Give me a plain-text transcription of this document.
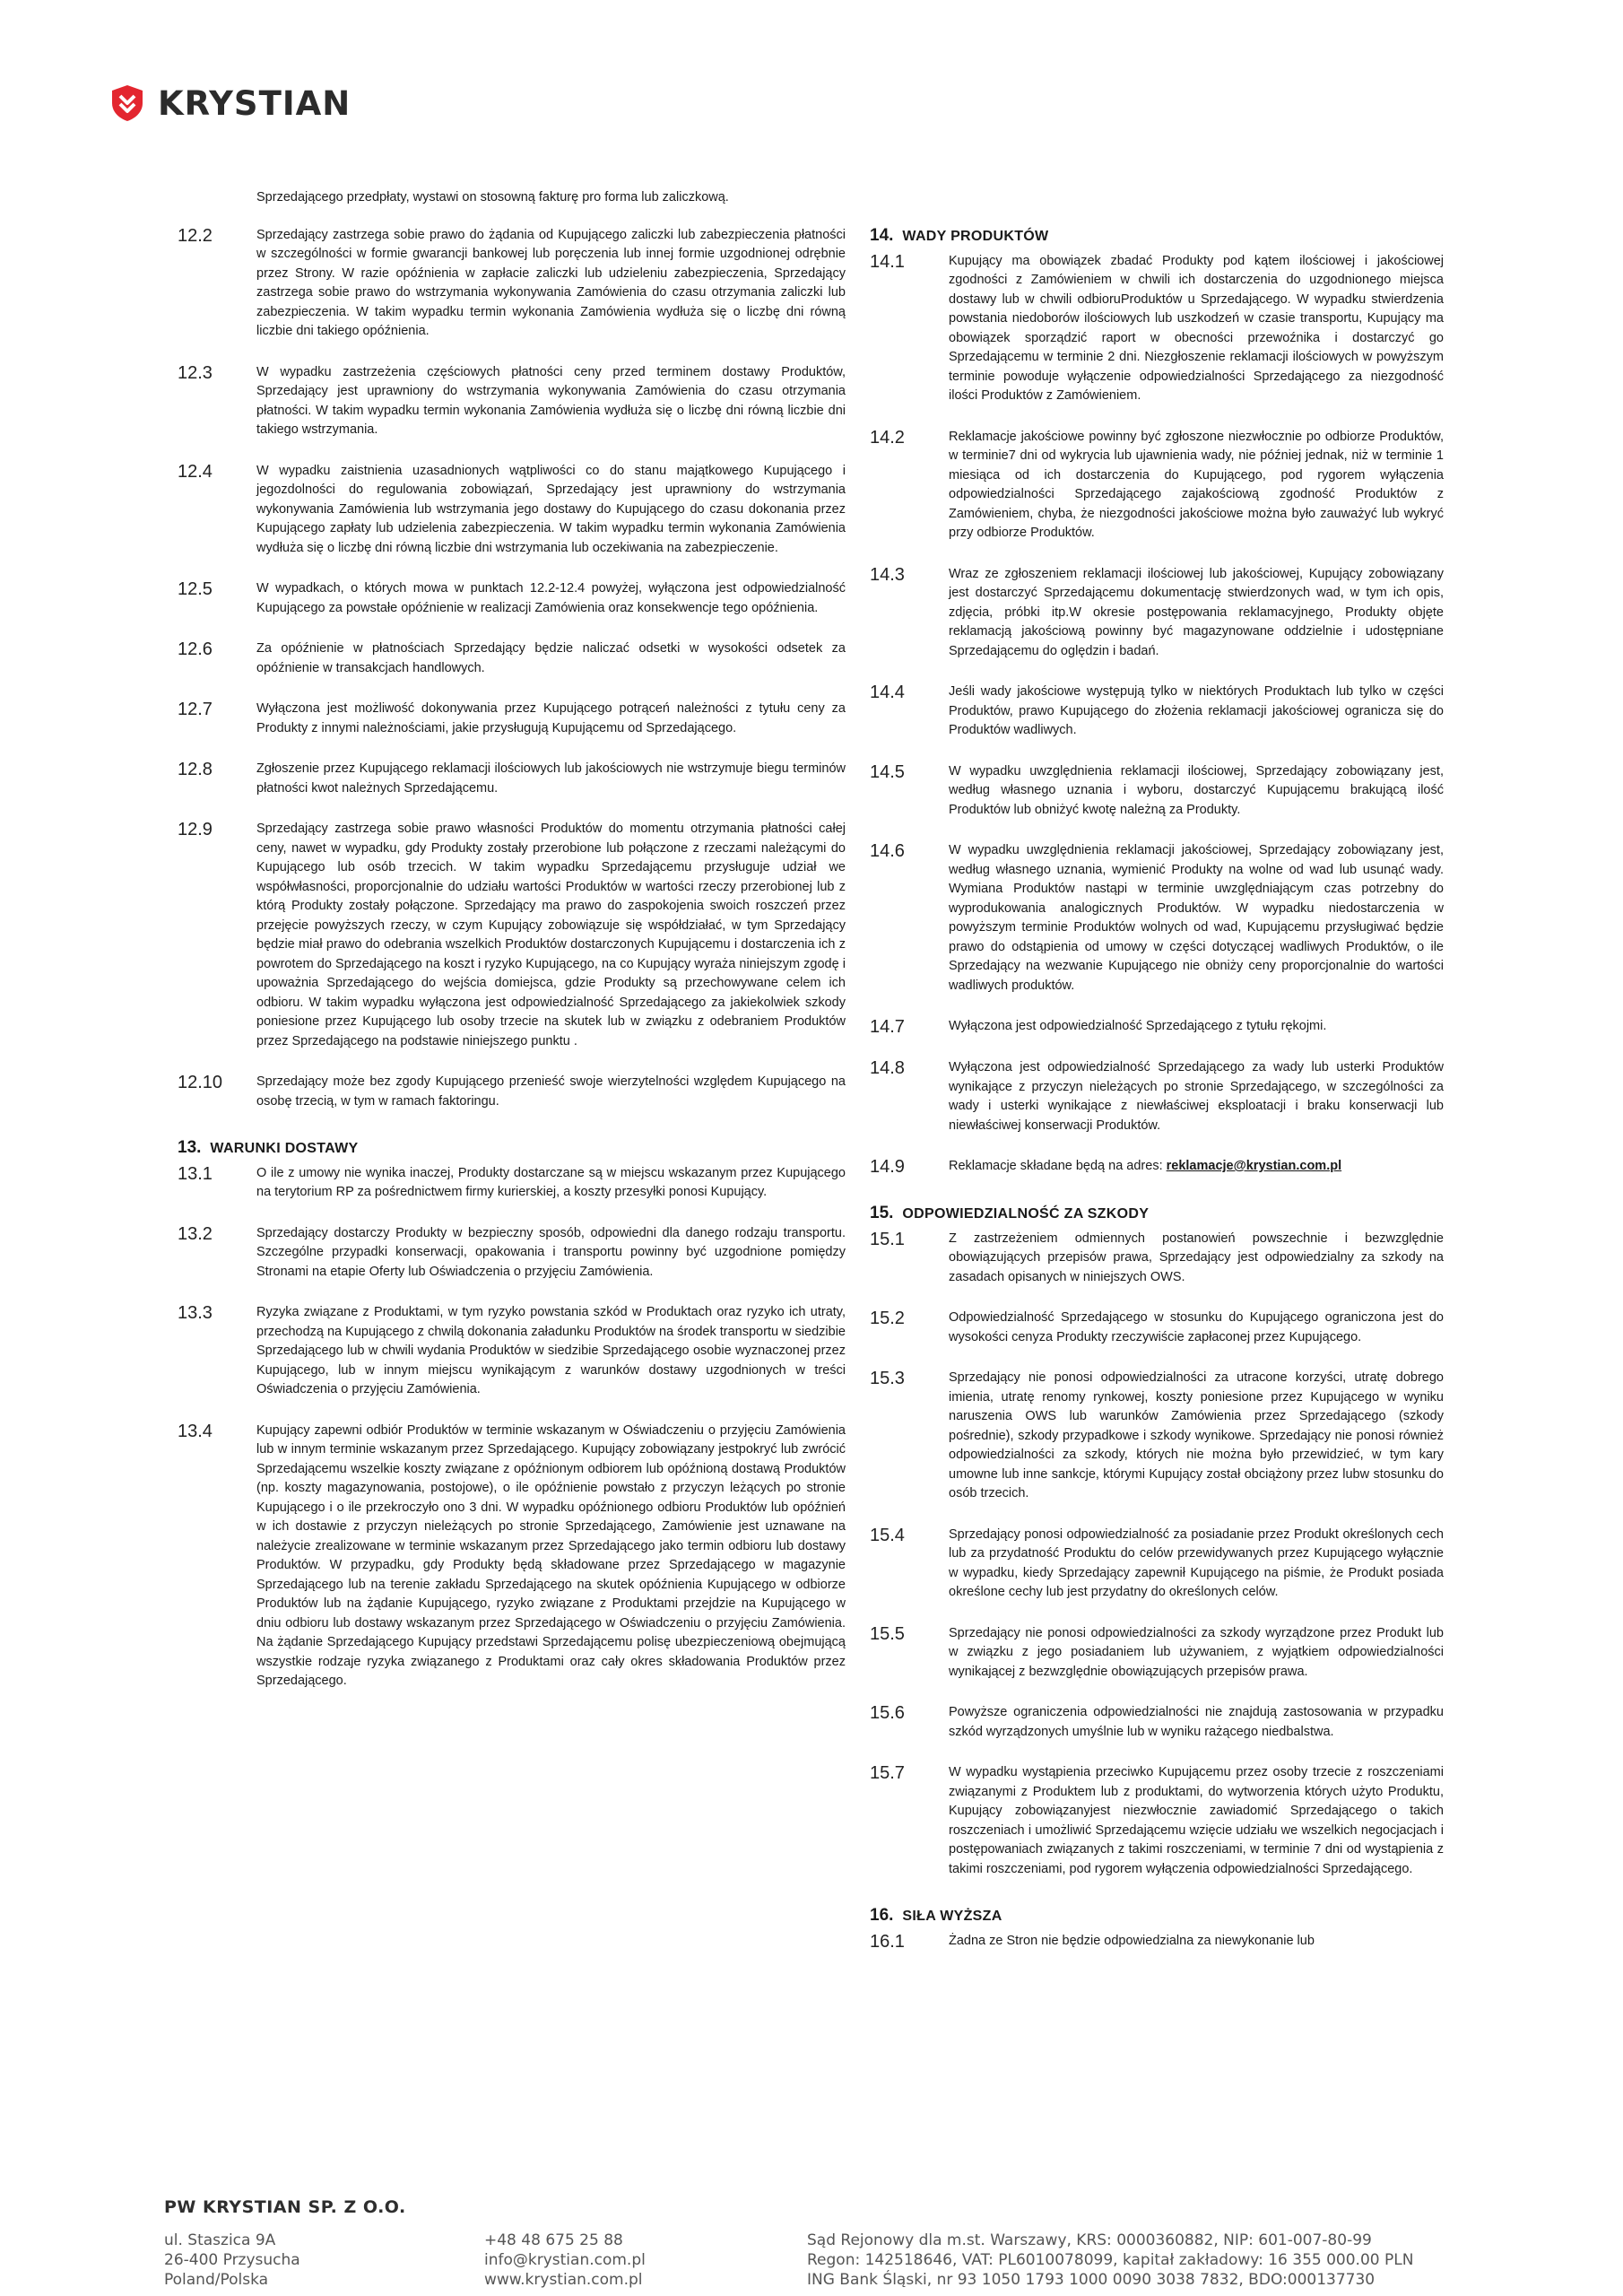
KRYSTIAN
Sprzedającego przedpłaty, wystawi on stosowną fakturę pro forma lub zaliczkową.
12.2	Sprzedający zastrzega sobie prawo do żądania od Kupującego zaliczki lub zabezpieczenia płatności w szczególności w formie gwarancji bankowej lub poręczenia lub innej formie uzgodnionej odrębnie przez Strony. W razie opóźnienia w zapłacie zaliczki lub udzieleniu zabezpieczenia, Sprzedający zastrzega sobie prawo do wstrzymania wykonywania Zamówienia do czasu otrzymania zaliczki lub zabezpieczenia. W takim wypadku termin wykonania Zamówienia wydłuża się o liczbę dni równą liczbie dni takiego opóźnienia.
12.3	W wypadku zastrzeżenia częściowych płatności ceny przed terminem dostawy Produktów, Sprzedający jest uprawniony do wstrzymania wykonywania Zamówienia do czasu otrzymania płatności. W takim wypadku termin wykonania Zamówienia wydłuża się o liczbę dni równą liczbie dni takiego wstrzymania.
12.4	W wypadku zaistnienia uzasadnionych wątpliwości co do stanu majątkowego Kupującego i jegozdolności do regulowania zobowiązań, Sprzedający jest uprawniony do wstrzymania wykonywania Zamówienia lub wstrzymania jego dostawy do Kupującego do czasu dokonania przez Kupującego zapłaty lub udzielenia zabezpieczenia. W takim wypadku termin wykonania Zamówienia wydłuża się o liczbę dni równą liczbie dni wstrzymania lub oczekiwania na zabezpieczenie.
12.5	W wypadkach, o których mowa w punktach 12.2-12.4 powyżej, wyłączona jest odpowiedzialność Kupującego za powstałe opóźnienie w realizacji Zamówienia oraz konsekwencje tego opóźnienia.
12.6	Za opóźnienie w płatnościach Sprzedający będzie naliczać odsetki w wysokości odsetek za opóźnienie w transakcjach handlowych.
12.7	Wyłączona jest możliwość dokonywania przez Kupującego potrąceń należności z tytułu ceny za Produkty z innymi należnościami, jakie przysługują Kupującemu od Sprzedającego.
12.8	Zgłoszenie przez Kupującego reklamacji ilościowych lub jakościowych nie wstrzymuje biegu terminów płatności kwot należnych Sprzedającemu.
12.9	Sprzedający zastrzega sobie prawo własności Produktów do momentu otrzymania płatności całej ceny, nawet w wypadku, gdy Produkty zostały przerobione lub połączone z rzeczami należącymi do Kupującego lub osób trzecich. W takim wypadku Sprzedającemu przysługuje udział we współwłasności, proporcjonalnie do udziału wartości Produktów w wartości rzeczy przerobionej lub z którą Produkty zostały połączone. Sprzedający ma prawo do zaspokojenia swoich roszczeń przez przejęcie powyższych rzeczy, w czym Kupujący zobowiązuje się współdziałać, w tym Sprzedający będzie miał prawo do odebrania wszelkich Produktów dostarczonych Kupującemu i dostarczenia ich z powrotem do Sprzedającego na koszt i ryzyko Kupującego, na co Kupujący wyraża niniejszym zgodę i upoważnia Sprzedającego do wejścia domiejsca, gdzie Produkty są przechowywane celem ich odbioru. W takim wypadku wyłączona jest odpowiedzialność Sprzedającego za jakiekolwiek szkody poniesione przez Kupującego lub osoby trzecie na skutek lub w związku z odebraniem Produktów przez Sprzedającego na podstawie niniejszego punktu .
12.10	Sprzedający może bez zgody Kupującego przenieść swoje wierzytelności względem Kupującego na osobę trzecią, w tym w ramach faktoringu.
13. WARUNKI DOSTAWY
13.1	O ile z umowy nie wynika inaczej, Produkty dostarczane są w miejscu wskazanym przez Kupującego na terytorium RP za pośrednictwem firmy kurierskiej, a koszty przesyłki ponosi Kupujący.
13.2	Sprzedający dostarczy Produkty w bezpieczny sposób, odpowiedni dla danego rodzaju transportu. Szczególne przypadki konserwacji, opakowania i transportu powinny być uzgodnione pomiędzy Stronami na etapie Oferty lub Oświadczenia o przyjęciu Zamówienia.
13.3	Ryzyka związane z Produktami, w tym ryzyko powstania szkód w Produktach oraz ryzyko ich utraty, przechodzą na Kupującego z chwilą dokonania załadunku Produktów na środek transportu w siedzibie Sprzedającego lub w chwili wydania Produktów w siedzibie Sprzedającego osobie wyznaczonej przez Kupującego, lub w innym miejscu wynikającym z warunków dostawy uzgodnionych w treści Oświadczenia o przyjęciu Zamówienia.
13.4	Kupujący zapewni odbiór Produktów w terminie wskazanym w Oświadczeniu o przyjęciu Zamówienia lub w innym terminie wskazanym przez Sprzedającego. Kupujący zobowiązany jestpokryć lub zwrócić Sprzedającemu wszelkie koszty związane z opóźnionym odbiorem lub opóźnioną dostawą Produktów (np. koszty magazynowania, postojowe), o ile opóźnienie powstało z przyczyn leżących po stronie Kupującego i o ile przekroczyło ono 3 dni. W wypadku opóźnionego odbioru Produktów lub opóźnień w ich dostawie z przyczyn nieleżących po stronie Sprzedającego, Zamówienie jest uznawane na należycie zrealizowane w terminie wskazanym przez Sprzedającego jako termin odbioru lub dostawy Produktów. W przypadku, gdy Produkty będą składowane przez Sprzedającego w magazynie Sprzedającego lub na terenie zakładu Sprzedającego na skutek opóźnienia Kupującego w odbiorze Produktów lub na żądanie Kupującego, ryzyko związane z Produktami przejdzie na Kupującego w dniu odbioru lub dostawy wskazanym przez Sprzedającego w Oświadczeniu o przyjęciu Zamówienia. Na żądanie Sprzedającego Kupujący przedstawi Sprzedającemu polisę ubezpieczeniową obejmującą wszystkie rodzaje ryzyka związanego z Produktami oraz cały okres składowania Produktów przez Sprzedającego.
14. WADY PRODUKTÓW
14.1	Kupujący ma obowiązek zbadać Produkty pod kątem ilościowej i jakościowej zgodności z Zamówieniem w chwili ich dostarczenia do uzgodnionego miejsca dostawy lub w chwili odbioruProduktów u Sprzedającego. W wypadku stwierdzenia powstania niedoborów ilościowych lub uszkodzeń w czasie transportu, Kupujący ma obowiązek sporządzić raport w obecności przewoźnika i dostarczyć go Sprzedającemu w terminie 2 dni. Niezgłoszenie reklamacji ilościowych w powyższym terminie powoduje wyłączenie odpowiedzialności Sprzedającego za niezgodność ilości Produktów z Zamówieniem.
14.2	Reklamacje jakościowe powinny być zgłoszone niezwłocznie po odbiorze Produktów, w terminie7 dni od wykrycia lub ujawnienia wady, nie później jednak, niż w terminie 1 miesiąca od ich dostarczenia do Kupującego, pod rygorem wyłączenia odpowiedzialności Sprzedającego zajakościową zgodność Produktów z Zamówieniem, chyba, że niezgodności jakościowe można było zauważyć lub wykryć przy odbiorze Produktów.
14.3	Wraz ze zgłoszeniem reklamacji ilościowej lub jakościowej, Kupujący zobowiązany jest dostarczyć Sprzedającemu dokumentację stwierdzonych wad, w tym ich opis, zdjęcia, próbki itp.W okresie postępowania reklamacyjnego, Produkty objęte reklamacją jakościową powinny być magazynowane oddzielnie i udostępniane Sprzedającemu do oględzin i badań.
14.4	Jeśli wady jakościowe występują tylko w niektórych Produktach lub tylko w części Produktów, prawo Kupującego do złożenia reklamacji jakościowej ogranicza się do Produktów wadliwych.
14.5	W wypadku uwzględnienia reklamacji ilościowej, Sprzedający zobowiązany jest, według własnego uznania i wyboru, dostarczyć Kupującemu brakującą ilość Produktów lub obniżyć kwotę należną za Produkty.
14.6	W wypadku uwzględnienia reklamacji jakościowej, Sprzedający zobowiązany jest, według własnego uznania, wymienić Produkty na wolne od wad lub usunąć wady. Wymiana Produktów nastąpi w terminie uwzględniającym czas potrzebny do wyprodukowania analogicznych Produktów. W wypadku niedostarczenia w powyższym terminie Produktów wolnych od wad, Kupującemu przysługiwać będzie prawo do odstąpienia od umowy w części dotyczącej wadliwych Produktów, o ile Sprzedający na wezwanie Kupującego nie obniży ceny proporcjonalnie do wartości wadliwych produktów.
14.7	Wyłączona jest odpowiedzialność Sprzedającego z tytułu rękojmi.
14.8	Wyłączona jest odpowiedzialność Sprzedającego za wady lub usterki Produktów wynikające z przyczyn nieleżących po stronie Sprzedającego, w szczególności za wady i usterki wynikające z niewłaściwej eksploatacji i braku konserwacji lub niewłaściwej konserwacji Produktów.
14.9	Reklamacje składane będą na adres: reklamacje@krystian.com.pl
15. ODPOWIEDZIALNOŚĆ ZA SZKODY
15.1	Z zastrzeżeniem odmiennych postanowień powszechnie i bezwzględnie obowiązujących przepisów prawa, Sprzedający jest odpowiedzialny za szkody na zasadach opisanych w niniejszych OWS.
15.2	Odpowiedzialność Sprzedającego w stosunku do Kupującego ograniczona jest do wysokości cenyza Produkty rzeczywiście zapłaconej przez Kupującego.
15.3	Sprzedający nie ponosi odpowiedzialności za utracone korzyści, utratę dobrego imienia, utratę renomy rynkowej, koszty poniesione przez Kupującego w wyniku naruszenia OWS lub warunków Zamówienia przez Sprzedającego (szkody pośrednie), szkody przypadkowe i szkody wynikowe. Sprzedający nie ponosi również odpowiedzialności za szkody, których nie można było przewidzieć, w tym kary umowne lub inne sankcje, którymi Kupujący został obciążony przez lubw stosunku do osób trzecich.
15.4	Sprzedający ponosi odpowiedzialność za posiadanie przez Produkt określonych cech lub za przydatność Produktu do celów przewidywanych przez Kupującego wyłącznie w wypadku, kiedy Sprzedający zapewnił Kupującego na piśmie, że Produkt posiada określone cechy lub jest przydatny do określonych celów.
15.5	Sprzedający nie ponosi odpowiedzialności za szkody wyrządzone przez Produkt lub w związku z jego posiadaniem lub używaniem, z wyjątkiem odpowiedzialności wynikającej z bezwzględnie obowiązujących przepisów prawa.
15.6	Powyższe ograniczenia odpowiedzialności nie znajdują zastosowania w przypadku szkód wyrządzonych umyślnie lub w wyniku rażącego niedbalstwa.
15.7	W wypadku wystąpienia przeciwko Kupującemu przez osoby trzecie z roszczeniami związanymi z Produktem lub z produktami, do wytworzenia których użyto Produktu, Kupujący zobowiązanyjest niezwłocznie zawiadomić Sprzedającego o takich roszczeniach i umożliwić Sprzedającemu wzięcie udziału we wszelkich negocjacjach i postępowaniach związanych z takimi roszczeniami, w terminie 7 dni od wystąpienia z takimi roszczeniami, pod rygorem wyłączenia odpowiedzialności Sprzedającego.
16. SIŁA WYŻSZA
16.1	Żadna ze Stron nie będzie odpowiedzialna za niewykonanie lub
PW KRYSTIAN SP. Z O.O.
ul. Staszica 9A
26-400 Przysucha
Poland/Polska
+48 48 675 25 88
info@krystian.com.pl
www.krystian.com.pl
Sąd Rejonowy dla m.st. Warszawy, KRS: 0000360882, NIP: 601-007-80-99
Regon: 142518646, VAT: PL6010078099, kapitał zakładowy: 16 355 000.00 PLN
ING Bank Śląski, nr 93 1050 1793 1000 0090 3038 7832, BDO:000137730
